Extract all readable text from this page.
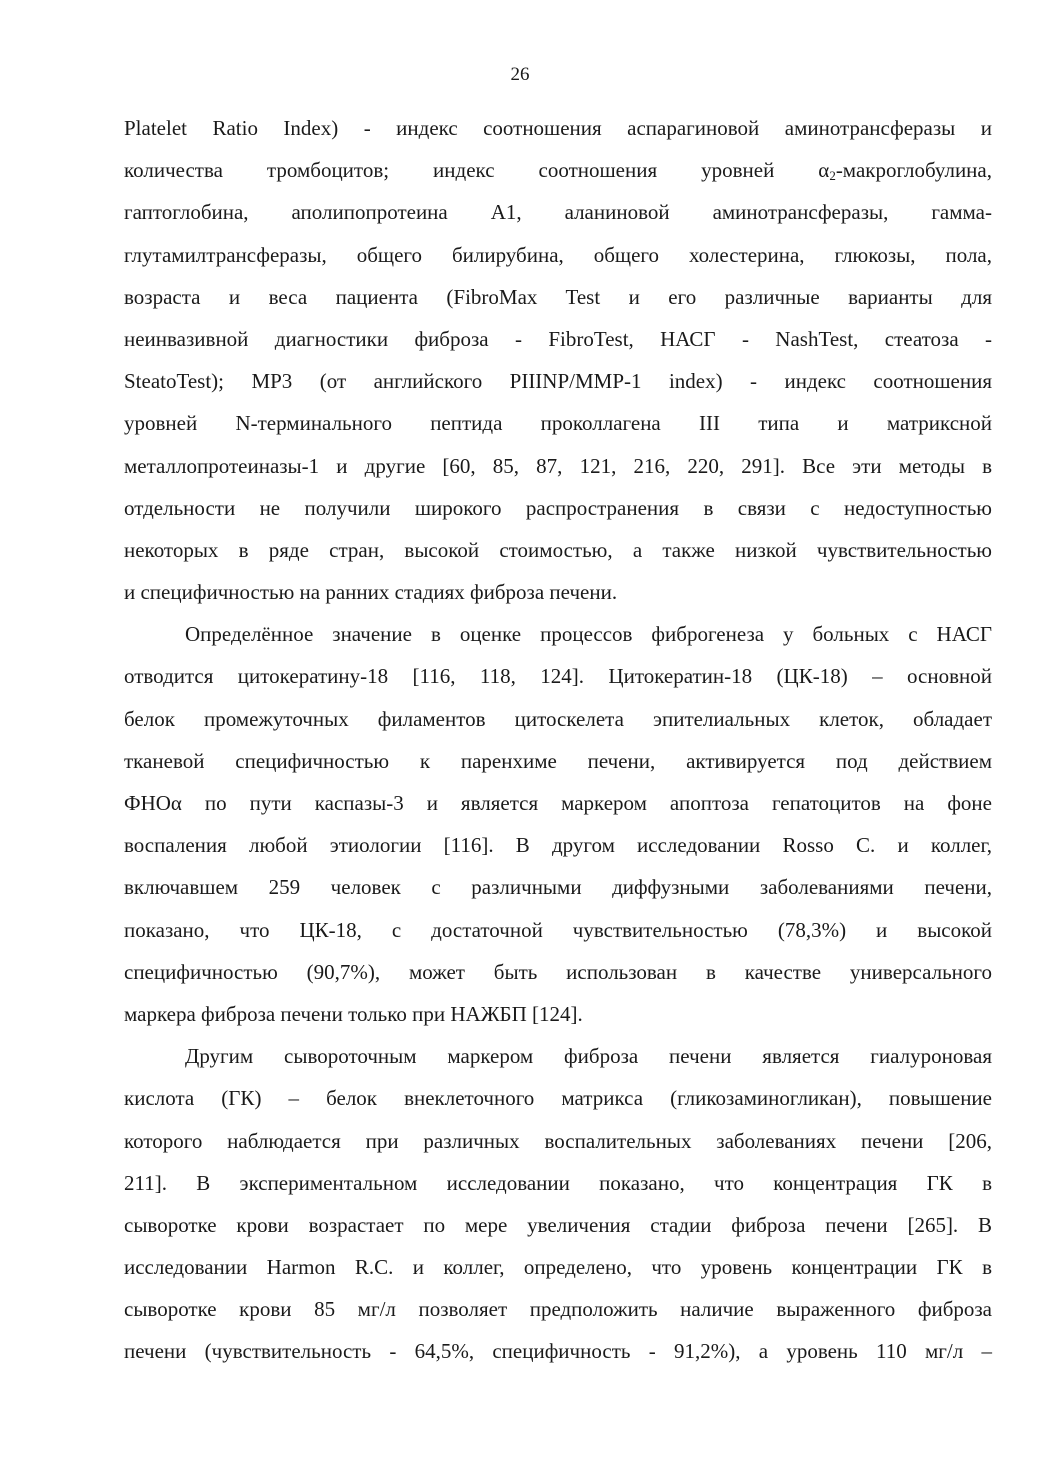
26
Platelet Ratio Index) - индекс соотношения аспарагиновой аминотрансферазы и
количества тромбоцитов; индекс соотношения уровней $\alpha_2$-макроглобулина,
гаптоглобина, аполипопротеина А1, аланиновой аминотрансферазы, гамма-
глутамилтрансферазы, общего билирубина, общего холестерина, глюкозы, пола,
возраста и веса пациента (FibroMax Test и его различные варианты для
неинвазивной диагностики фиброза - FibroTest, НАСГ - NashTest, стеатоза -
SteatoTest); MP3 (от английского PIIINP/MMP-1 index) - индекс соотношения
уровней N-терминального пептида проколлагена III типа и матриксной
металлопротеиназы-1 и другие [60, 85, 87, 121, 216, 220, 291]. Все эти методы в
отдельности не получили широкого распространения в связи с недоступностью
некоторых в ряде стран, высокой стоимостью, а также низкой чувствительностью
и специфичностью на ранних стадиях фиброза печени.
Определённое значение в оценке процессов фиброгенеза у больных с НАСГ
отводится цитокератину-18 [116, 118, 124]. Цитокератин-18 (ЦК-18) – основной
белок промежуточных филаментов цитоскелета эпителиальных клеток, обладает
тканевой специфичностью к паренхиме печени, активируется под действием
ФНОα по пути каспазы-3 и является маркером апоптоза гепатоцитов на фоне
воспаления любой этиологии [116]. В другом исследовании Rosso C. и коллег,
включавшем 259 человек с различными диффузными заболеваниями печени,
показано, что ЦК-18, с достаточной чувствительностью (78,3%) и высокой
специфичностью (90,7%), может быть использован в качестве универсального
маркера фиброза печени только при НАЖБП [124].
Другим сывороточным маркером фиброза печени является гиалуроновая
кислота (ГК) – белок внеклеточного матрикса (гликозаминогликан), повышение
которого наблюдается при различных воспалительных заболеваниях печени [206,
211]. В экспериментальном исследовании показано, что концентрация ГК в
сыворотке крови возрастает по мере увеличения стадии фиброза печени [265]. В
исследовании Harmon R.C. и коллег, определено, что уровень концентрации ГК в
сыворотке крови 85 мг/л позволяет предположить наличие выраженного фиброза
печени (чувствительность - 64,5%, специфичность - 91,2%), а уровень 110 мг/л –
